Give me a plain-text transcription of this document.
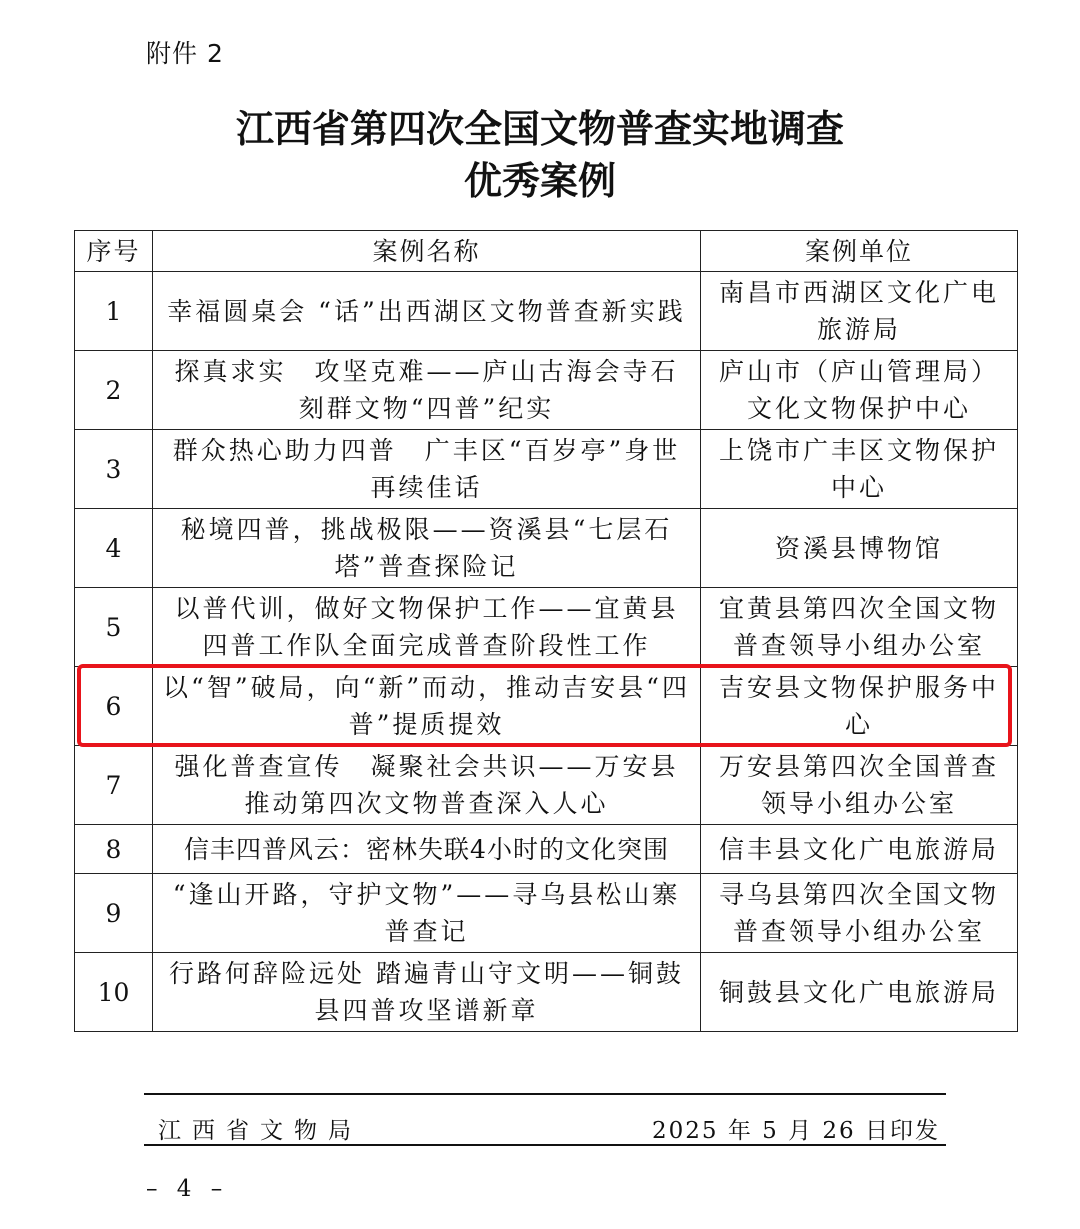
附件 2
江西省第四次全国文物普查实地调查
优秀案例
序号	案例名称	案例单位
1	幸福圆桌会 “话”出西湖区文物普查新实践	南昌市西湖区文化广电旅游局
2	探真求实　攻坚克难——庐山古海会寺石刻群文物“四普”纪实	庐山市（庐山管理局）文化文物保护中心
3	群众热心助力四普　广丰区“百岁亭”身世再续佳话	上饶市广丰区文物保护中心
4	秘境四普，挑战极限——资溪县“七层石塔”普查探险记	资溪县博物馆
5	以普代训，做好文物保护工作——宜黄县四普工作队全面完成普查阶段性工作	宜黄县第四次全国文物普查领导小组办公室
6	以“智”破局，向“新”而动，推动吉安县“四普”提质提效	吉安县文物保护服务中心
7	强化普查宣传　凝聚社会共识——万安县推动第四次文物普查深入人心	万安县第四次全国普查领导小组办公室
8	信丰四普风云：密林失联4小时的文化突围	信丰县文化广电旅游局
9	“逢山开路，守护文物”——寻乌县松山寨普查记	寻乌县第四次全国文物普查领导小组办公室
10	行路何辞险远处 踏遍青山守文明——铜鼓县四普攻坚谱新章	铜鼓县文化广电旅游局
江西省文物局	2025 年 5 月 26 日印发
– 4 –
